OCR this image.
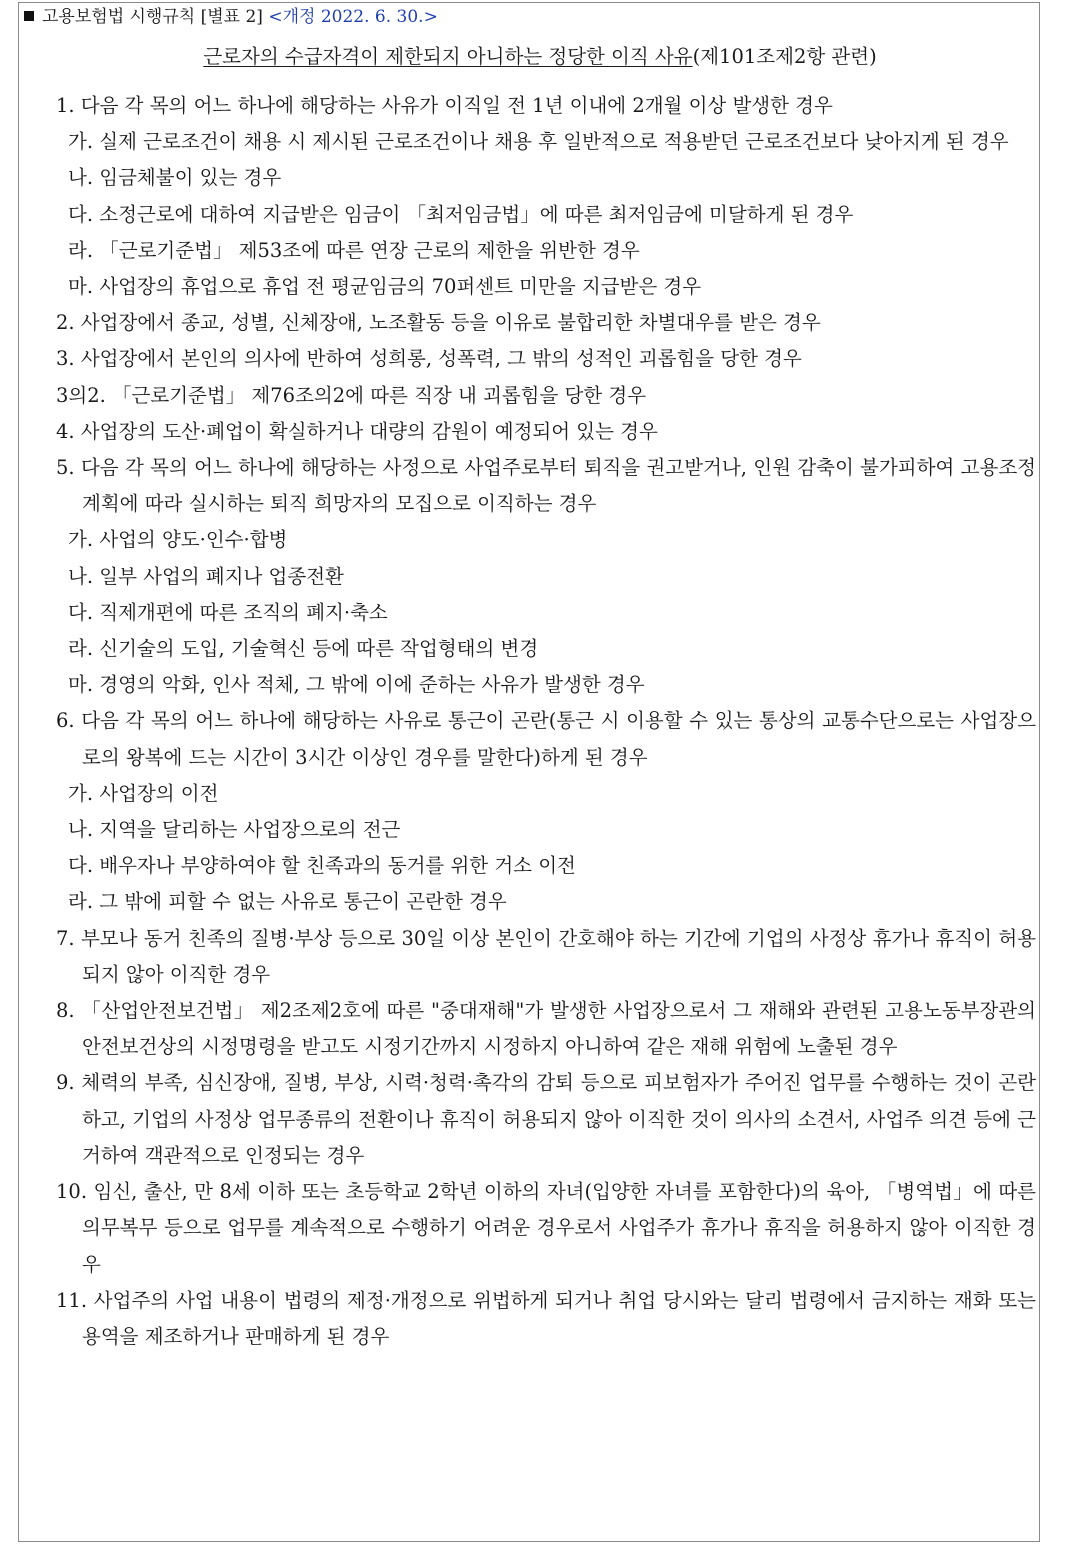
고용보험법 시행규칙 [별표 2] <개정 2022. 6. 30.>
근로자의 수급자격이 제한되지 아니하는 정당한 이직 사유(제101조제2항 관련)
1. 다음 각 목의 어느 하나에 해당하는 사유가 이직일 전 1년 이내에 2개월 이상 발생한 경우
가. 실제 근로조건이 채용 시 제시된 근로조건이나 채용 후 일반적으로 적용받던 근로조건보다 낮아지게 된 경우
나. 임금체불이 있는 경우
다. 소정근로에 대하여 지급받은 임금이 「최저임금법」에 따른 최저임금에 미달하게 된 경우
라. 「근로기준법」 제53조에 따른 연장 근로의 제한을 위반한 경우
마. 사업장의 휴업으로 휴업 전 평균임금의 70퍼센트 미만을 지급받은 경우
2. 사업장에서 종교, 성별, 신체장애, 노조활동 등을 이유로 불합리한 차별대우를 받은 경우
3. 사업장에서 본인의 의사에 반하여 성희롱, 성폭력, 그 밖의 성적인 괴롭힘을 당한 경우
3의2. 「근로기준법」 제76조의2에 따른 직장 내 괴롭힘을 당한 경우
4. 사업장의 도산·폐업이 확실하거나 대량의 감원이 예정되어 있는 경우
5. 다음 각 목의 어느 하나에 해당하는 사정으로 사업주로부터 퇴직을 권고받거나, 인원 감축이 불가피하여 고용조정계획에 따라 실시하는 퇴직 희망자의 모집으로 이직하는 경우
가. 사업의 양도·인수·합병
나. 일부 사업의 폐지나 업종전환
다. 직제개편에 따른 조직의 폐지·축소
라. 신기술의 도입, 기술혁신 등에 따른 작업형태의 변경
마. 경영의 악화, 인사 적체, 그 밖에 이에 준하는 사유가 발생한 경우
6. 다음 각 목의 어느 하나에 해당하는 사유로 통근이 곤란(통근 시 이용할 수 있는 통상의 교통수단으로는 사업장으로의 왕복에 드는 시간이 3시간 이상인 경우를 말한다)하게 된 경우
가. 사업장의 이전
나. 지역을 달리하는 사업장으로의 전근
다. 배우자나 부양하여야 할 친족과의 동거를 위한 거소 이전
라. 그 밖에 피할 수 없는 사유로 통근이 곤란한 경우
7. 부모나 동거 친족의 질병·부상 등으로 30일 이상 본인이 간호해야 하는 기간에 기업의 사정상 휴가나 휴직이 허용되지 않아 이직한 경우
8. 「산업안전보건법」 제2조제2호에 따른 "중대재해"가 발생한 사업장으로서 그 재해와 관련된 고용노동부장관의 안전보건상의 시정명령을 받고도 시정기간까지 시정하지 아니하여 같은 재해 위험에 노출된 경우
9. 체력의 부족, 심신장애, 질병, 부상, 시력·청력·촉각의 감퇴 등으로 피보험자가 주어진 업무를 수행하는 것이 곤란하고, 기업의 사정상 업무종류의 전환이나 휴직이 허용되지 않아 이직한 것이 의사의 소견서, 사업주 의견 등에 근거하여 객관적으로 인정되는 경우
10. 임신, 출산, 만 8세 이하 또는 초등학교 2학년 이하의 자녀(입양한 자녀를 포함한다)의 육아, 「병역법」에 따른 의무복무 등으로 업무를 계속적으로 수행하기 어려운 경우로서 사업주가 휴가나 휴직을 허용하지 않아 이직한 경우
11. 사업주의 사업 내용이 법령의 제정·개정으로 위법하게 되거나 취업 당시와는 달리 법령에서 금지하는 재화 또는 용역을 제조하거나 판매하게 된 경우
